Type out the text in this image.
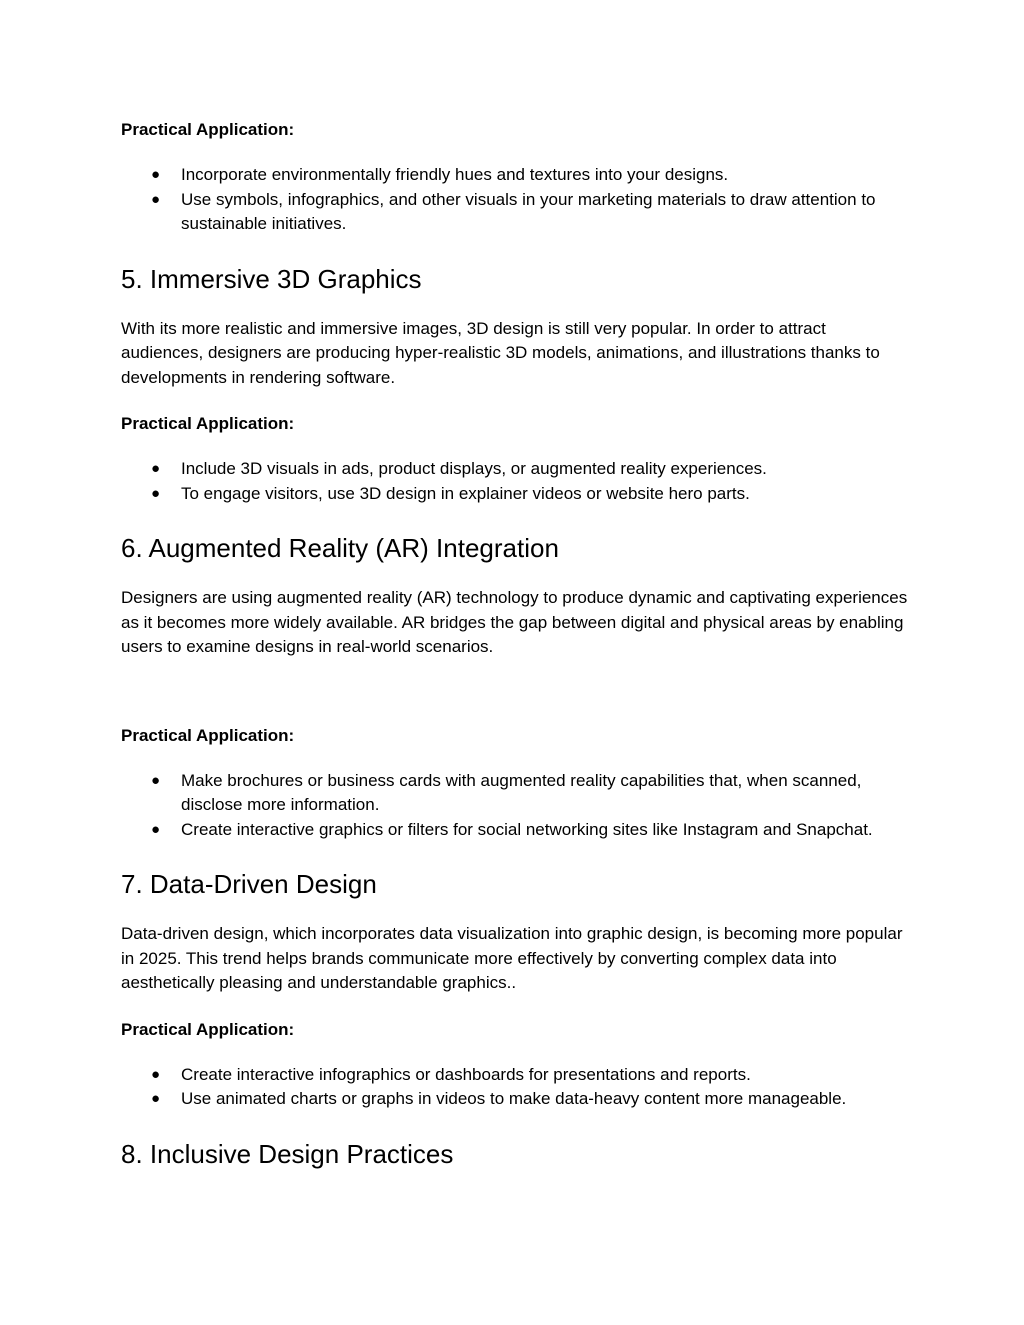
Practical Application:

● Incorporate environmentally friendly hues and textures into your designs.
● Use symbols, infographics, and other visuals in your marketing materials to draw attention to sustainable initiatives.
5. Immersive 3D Graphics

With its more realistic and immersive images, 3D design is still very popular. In order to attract audiences, designers are producing hyper-realistic 3D models, animations, and illustrations thanks to developments in rendering software.

Practical Application:

● Include 3D visuals in ads, product displays, or augmented reality experiences.
● To engage visitors, use 3D design in explainer videos or website hero parts.
6. Augmented Reality (AR) Integration

Designers are using augmented reality (AR) technology to produce dynamic and captivating experiences as it becomes more widely available. AR bridges the gap between digital and physical areas by enabling users to examine designs in real-world scenarios.

Practical Application:

● Make brochures or business cards with augmented reality capabilities that, when scanned, disclose more information.
● Create interactive graphics or filters for social networking sites like Instagram and Snapchat.
7. Data-Driven Design

Data-driven design, which incorporates data visualization into graphic design, is becoming more popular in 2025. This trend helps brands communicate more effectively by converting complex data into aesthetically pleasing and understandable graphics..

Practical Application:

● Create interactive infographics or dashboards for presentations and reports.
● Use animated charts or graphs in videos to make data-heavy content more manageable.
8. Inclusive Design Practices
